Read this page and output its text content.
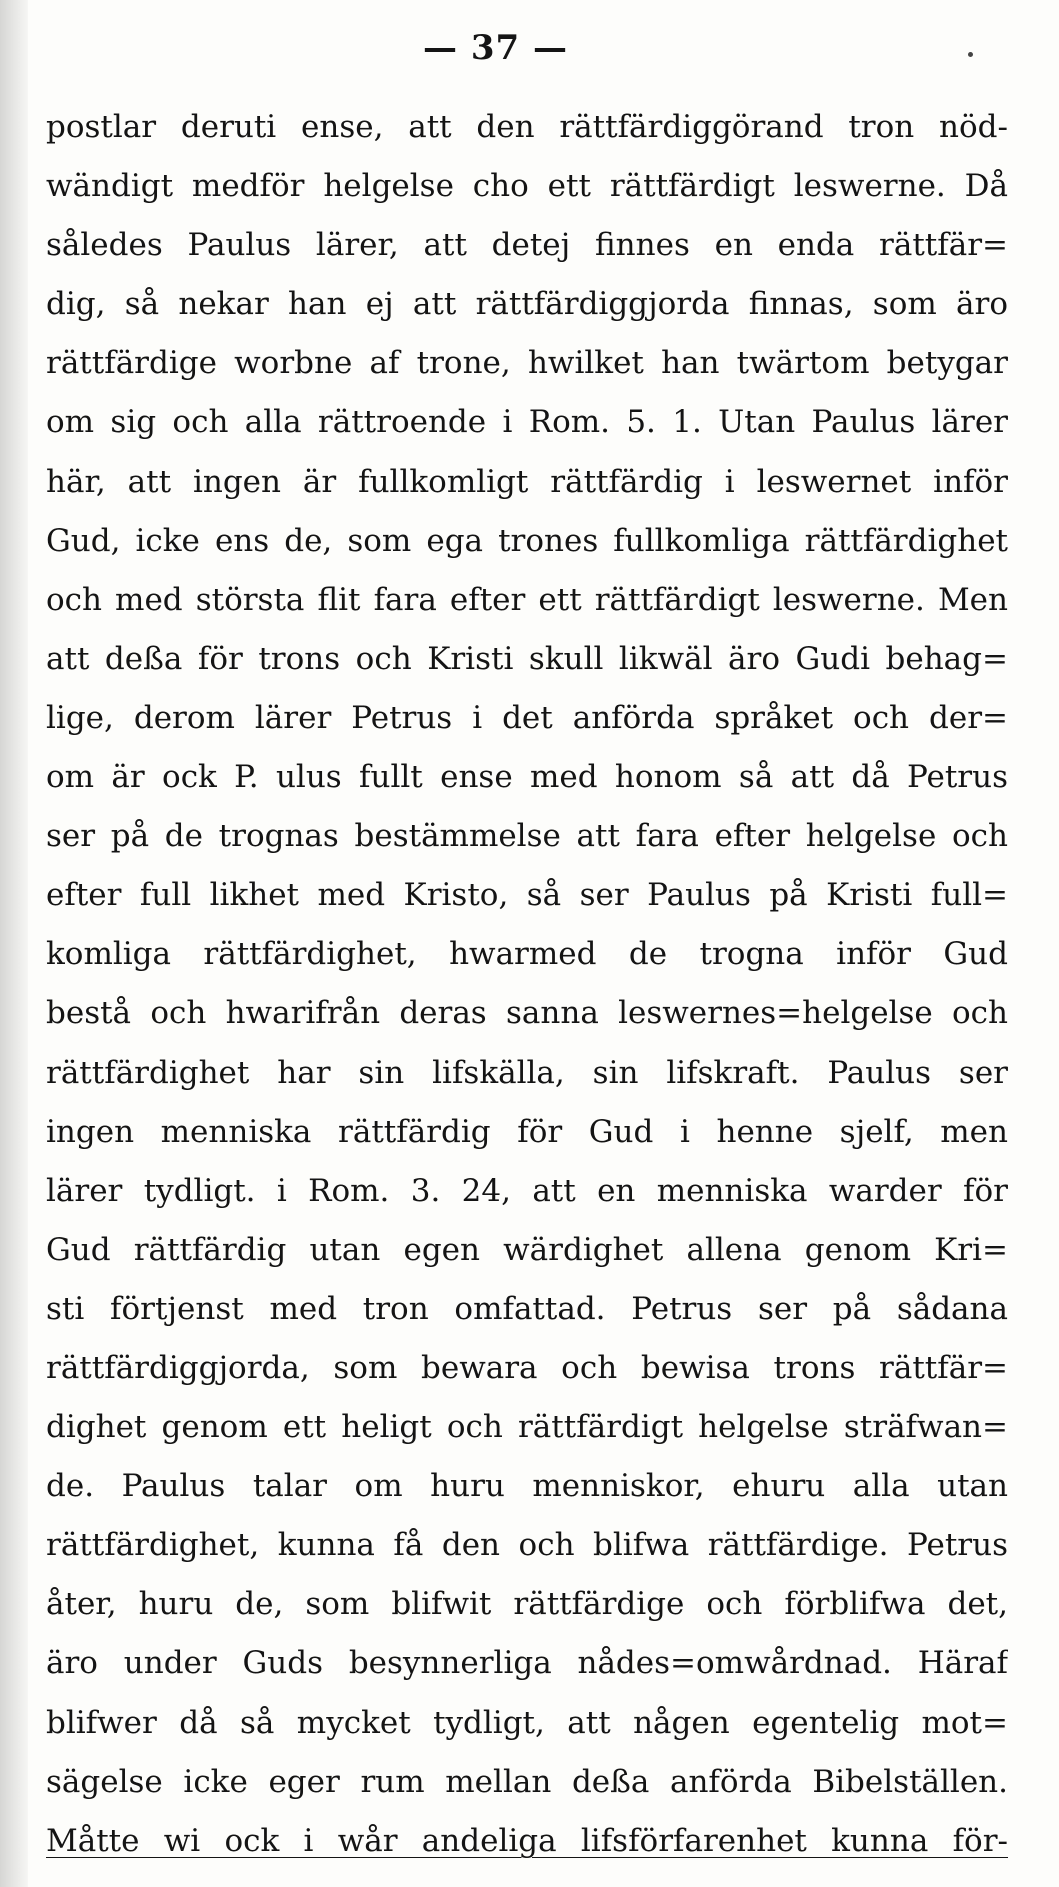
— 37 —
postlar deruti ense, att den rättfärdiggörand tron nöd-
wändigt medför helgelse cho ett rättfärdigt leswerne. Då
således Paulus lärer, att detej finnes en enda rättfär=
dig, så nekar han ej att rättfärdiggjorda finnas, som äro
rättfärdige worbne af trone, hwilket han twärtom betygar
om sig och alla rättroende i Rom. 5. 1. Utan Paulus lärer
här, att ingen är fullkomligt rättfärdig i leswernet inför
Gud, icke ens de, som ega trones fullkomliga rättfärdighet
och med största flit fara efter ett rättfärdigt leswerne. Men
att deßa för trons och Kristi skull likwäl äro Gudi behag=
lige, derom lärer Petrus i det anförda språket och der=
om är ock P. ulus fullt ense med honom så att då Petrus
ser på de trognas bestämmelse att fara efter helgelse och
efter full likhet med Kristo, så ser Paulus på Kristi full=
komliga rättfärdighet, hwarmed de trogna inför Gud
bestå och hwarifrån deras sanna leswernes=helgelse och
rättfärdighet har sin lifskälla, sin lifskraft. Paulus ser
ingen menniska rättfärdig för Gud i henne sjelf, men
lärer tydligt. i Rom. 3. 24, att en menniska warder för
Gud rättfärdig utan egen wärdighet allena genom Kri=
sti förtjenst med tron omfattad. Petrus ser på sådana
rättfärdiggjorda, som bewara och bewisa trons rättfär=
dighet genom ett heligt och rättfärdigt helgelse sträfwan=
de. Paulus talar om huru menniskor, ehuru alla utan
rättfärdighet, kunna få den och blifwa rättfärdige. Petrus
åter, huru de, som blifwit rättfärdige och förblifwa det,
äro under Guds besynnerliga nådes=omwårdnad. Häraf
blifwer då så mycket tydligt, att någen egentelig mot=
sägelse icke eger rum mellan deßa anförda Bibelställen.
Måtte wi ock i wår andeliga lifsförfarenhet kunna för-
